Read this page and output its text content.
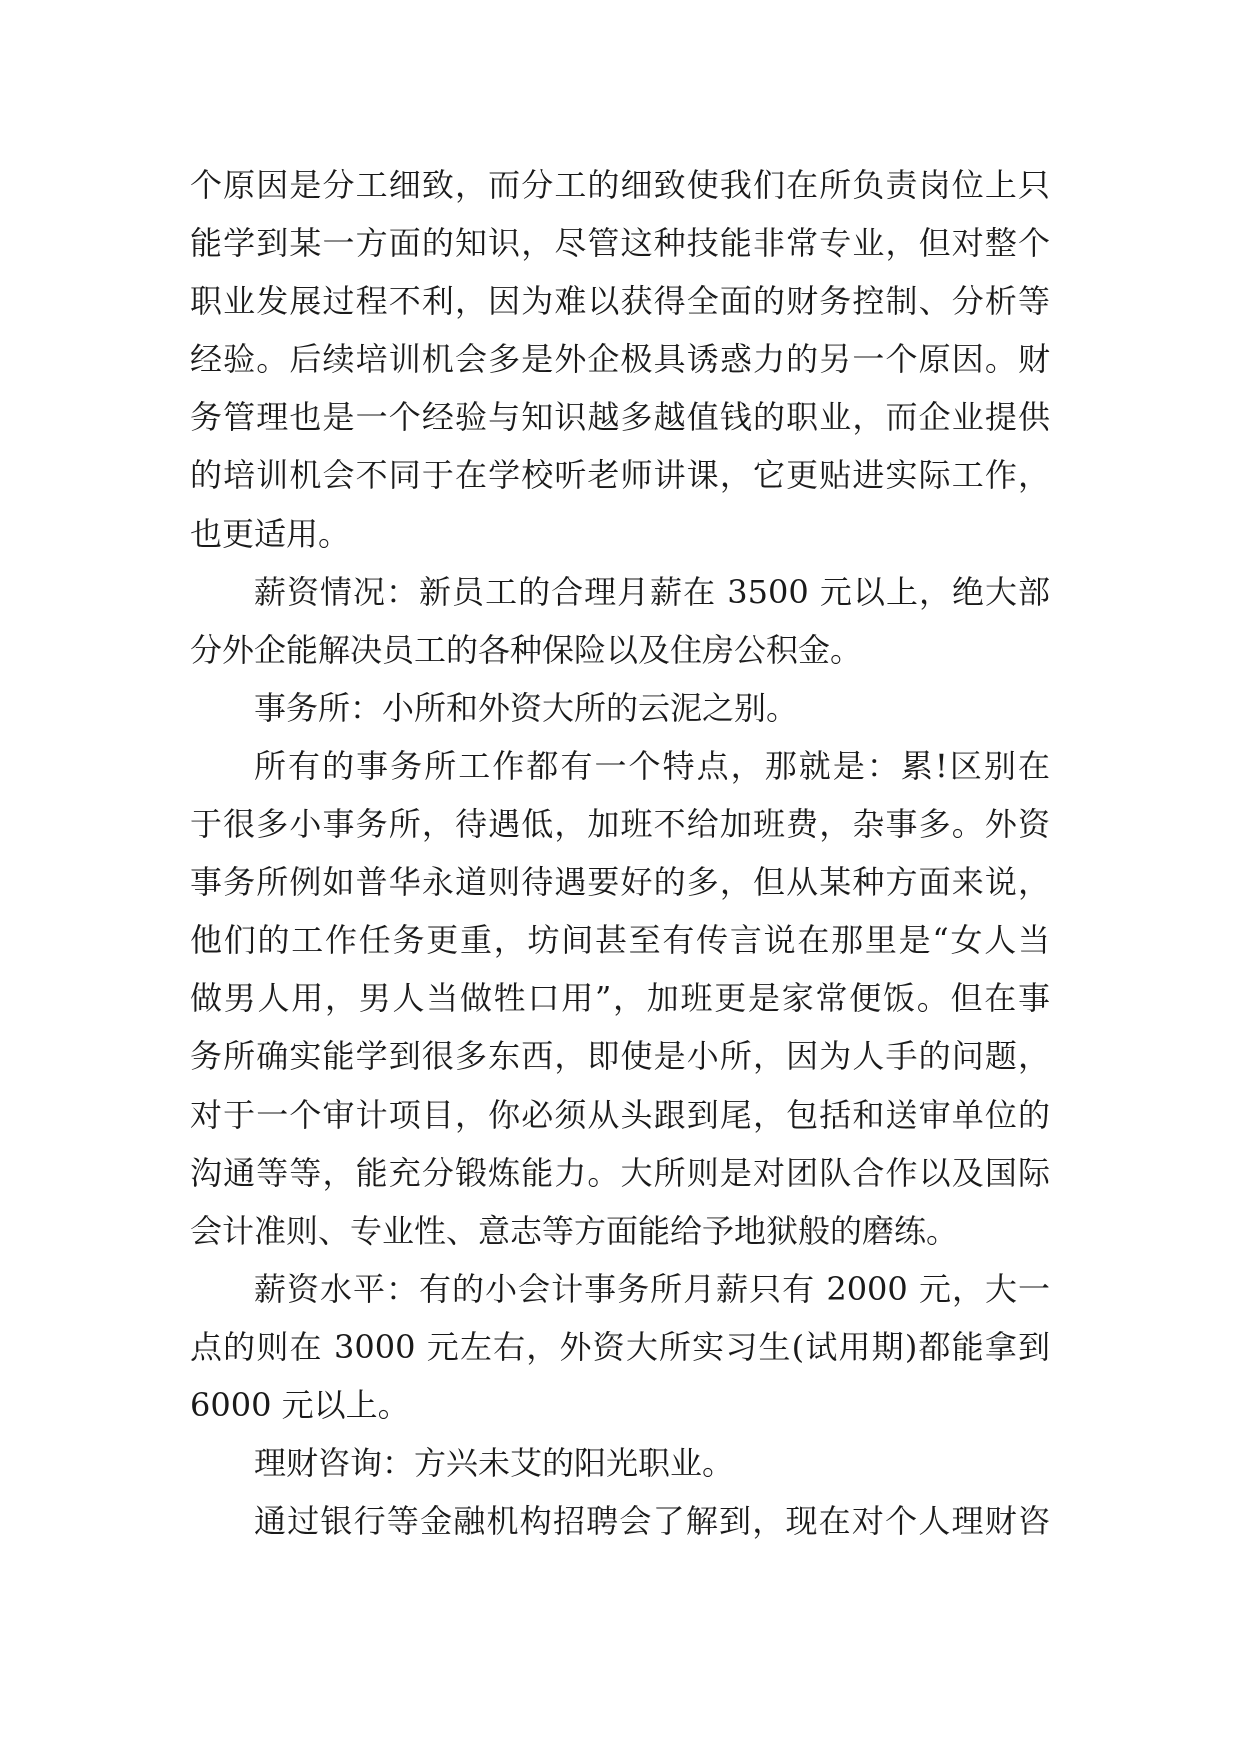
个原因是分工细致，而分工的细致使我们在所负责岗位上只
能学到某一方面的知识，尽管这种技能非常专业，但对整个
职业发展过程不利，因为难以获得全面的财务控制、分析等
经验。后续培训机会多是外企极具诱惑力的另一个原因。财
务管理也是一个经验与知识越多越值钱的职业，而企业提供
的培训机会不同于在学校听老师讲课，它更贴进实际工作，
也更适用。
薪资情况：新员工的合理月薪在 3500 元以上，绝大部
分外企能解决员工的各种保险以及住房公积金。
事务所：小所和外资大所的云泥之别。
所有的事务所工作都有一个特点，那就是：累!区别在
于很多小事务所，待遇低，加班不给加班费，杂事多。外资
事务所例如普华永道则待遇要好的多，但从某种方面来说，
他们的工作任务更重，坊间甚至有传言说在那里是“女人当
做男人用，男人当做牲口用”，加班更是家常便饭。但在事
务所确实能学到很多东西，即使是小所，因为人手的问题，
对于一个审计项目，你必须从头跟到尾，包括和送审单位的
沟通等等，能充分锻炼能力。大所则是对团队合作以及国际
会计准则、专业性、意志等方面能给予地狱般的磨练。
薪资水平：有的小会计事务所月薪只有 2000 元，大一
点的则在 3000 元左右，外资大所实习生(试用期)都能拿到
6000 元以上。
理财咨询：方兴未艾的阳光职业。
通过银行等金融机构招聘会了解到，现在对个人理财咨
